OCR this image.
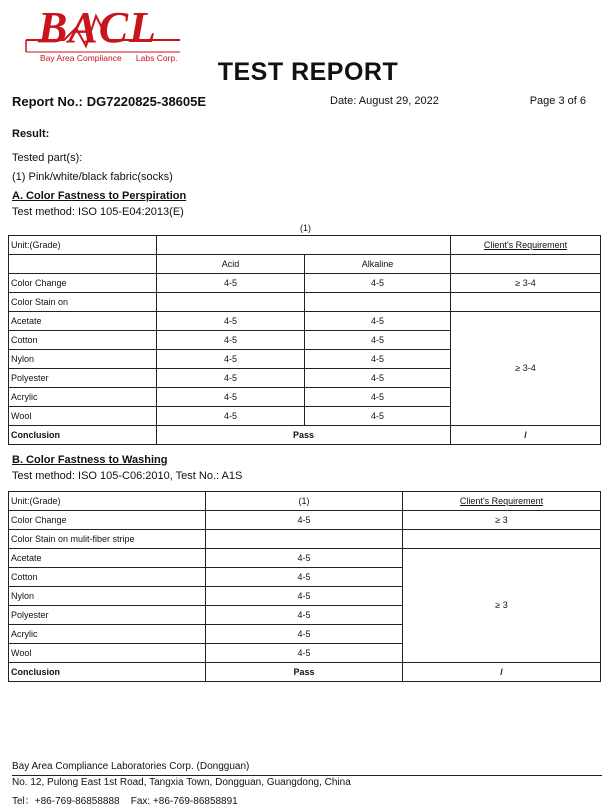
BACL
Bay Area Compliance Labs Corp.	TEST REPORT
Report No.: DG7220825-38605E	Date: August 29, 2022	Page 3 of 6
Result:
Tested part(s):
(1) Pink/white/black fabric(socks)
A. Color Fastness to Perspiration
Test method: ISO 105-E04:2013(E)
(1)
Unit:(Grade)			Client's Requirement
	Acid	Alkaline	
Color Change	4-5	4-5	≥ 3-4
Color Stain on			
Acetate	4-5	4-5	≥ 3-4
Cotton	4-5	4-5	
Nylon	4-5	4-5	
Polyester	4-5	4-5	
Acrylic	4-5	4-5	
Wool	4-5	4-5	
Conclusion	Pass		/
B. Color Fastness to Washing
Test method: ISO 105-C06:2010, Test No.: A1S
Unit:(Grade)	(1)	Client's Requirement
Color Change	4-5	≥ 3
Color Stain on mulit-fiber stripe		
Acetate	4-5	≥ 3
Cotton	4-5	
Nylon	4-5	
Polyester	4-5	
Acrylic	4-5	
Wool	4-5	
Conclusion	Pass	/
Bay Area Compliance Laboratories Corp. (Dongguan)
No. 12, Pulong East 1st Road, Tangxia Town, Dongguan, Guangdong, China
Tel：+86-769-86858888 Fax: +86-769-86858891
